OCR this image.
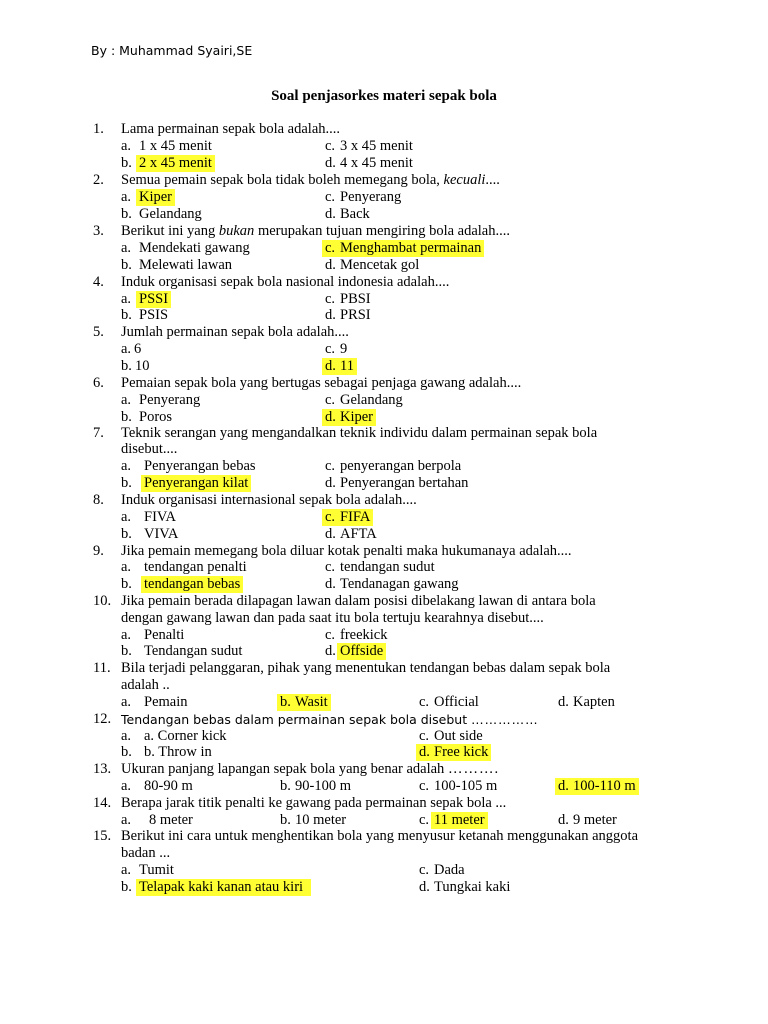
By : Muhammad Syairi,SE
Soal penjasorkes materi sepak bola
1. Lama permainan sepak bola adalah....
a. 1 x 45 menit	c. 3 x 45 menit
b. 2 x 45 menit	d. 4 x 45 menit
2. Semua pemain sepak bola tidak boleh memegang bola, kecuali....
a. Kiper	c. Penyerang
b. Gelandang	d. Back
3. Berikut ini yang bukan merupakan tujuan mengiring bola adalah....
a. Mendekati gawang	c. Menghambat permainan
b. Melewati lawan	d. Mencetak gol
4. Induk organisasi sepak bola nasional indonesia adalah....
a. PSSI	c. PBSI
b. PSIS	d. PRSI
5. Jumlah permainan sepak bola adalah....
a. 6	c. 9
b. 10	d. 11
6. Pemaian sepak bola yang bertugas sebagai penjaga gawang adalah....
a. Penyerang	c. Gelandang
b. Poros	d. Kiper
7. Teknik serangan yang mengandalkan teknik individu dalam permainan sepak bola
disebut....
a. Penyerangan bebas	c. penyerangan berpola
b. Penyerangan kilat	d. Penyerangan bertahan
8. Induk organisasi internasional sepak bola adalah....
a. FIVA	c. FIFA
b. VIVA	d. AFTA
9. Jika pemain memegang bola diluar kotak penalti maka hukumanaya adalah....
a. tendangan penalti	c. tendangan sudut
b. tendangan bebas	d. Tendanagan gawang
10. Jika pemain berada dilapagan lawan dalam posisi dibelakang lawan di antara bola
dengan gawang lawan dan pada saat itu bola tertuju kearahnya disebut....
a. Penalti	c. freekick
b. Tendangan sudut	d. Offside
11. Bila terjadi pelanggaran, pihak yang menentukan tendangan bebas dalam sepak bola
adalah ..
a. Pemain	b. Wasit	c. Official	d. Kapten
12. Tendangan bebas dalam permainan sepak bola disebut ……………
a. a. Corner kick	c. Out side
b. b. Throw in	d. Free kick
13. Ukuran panjang lapangan sepak bola yang benar adalah ……….
a. 80-90 m	b. 90-100 m	c. 100-105 m	d. 100-110 m
14. Berapa jarak titik penalti ke gawang pada permainan sepak bola ...
a. 8 meter	b. 10 meter	c. 11 meter	d. 9 meter
15. Berikut ini cara untuk menghentikan bola yang menyusur ketanah menggunakan anggota
badan ...
a. Tumit	c. Dada
b. Telapak kaki kanan atau kiri	d. Tungkai kaki
